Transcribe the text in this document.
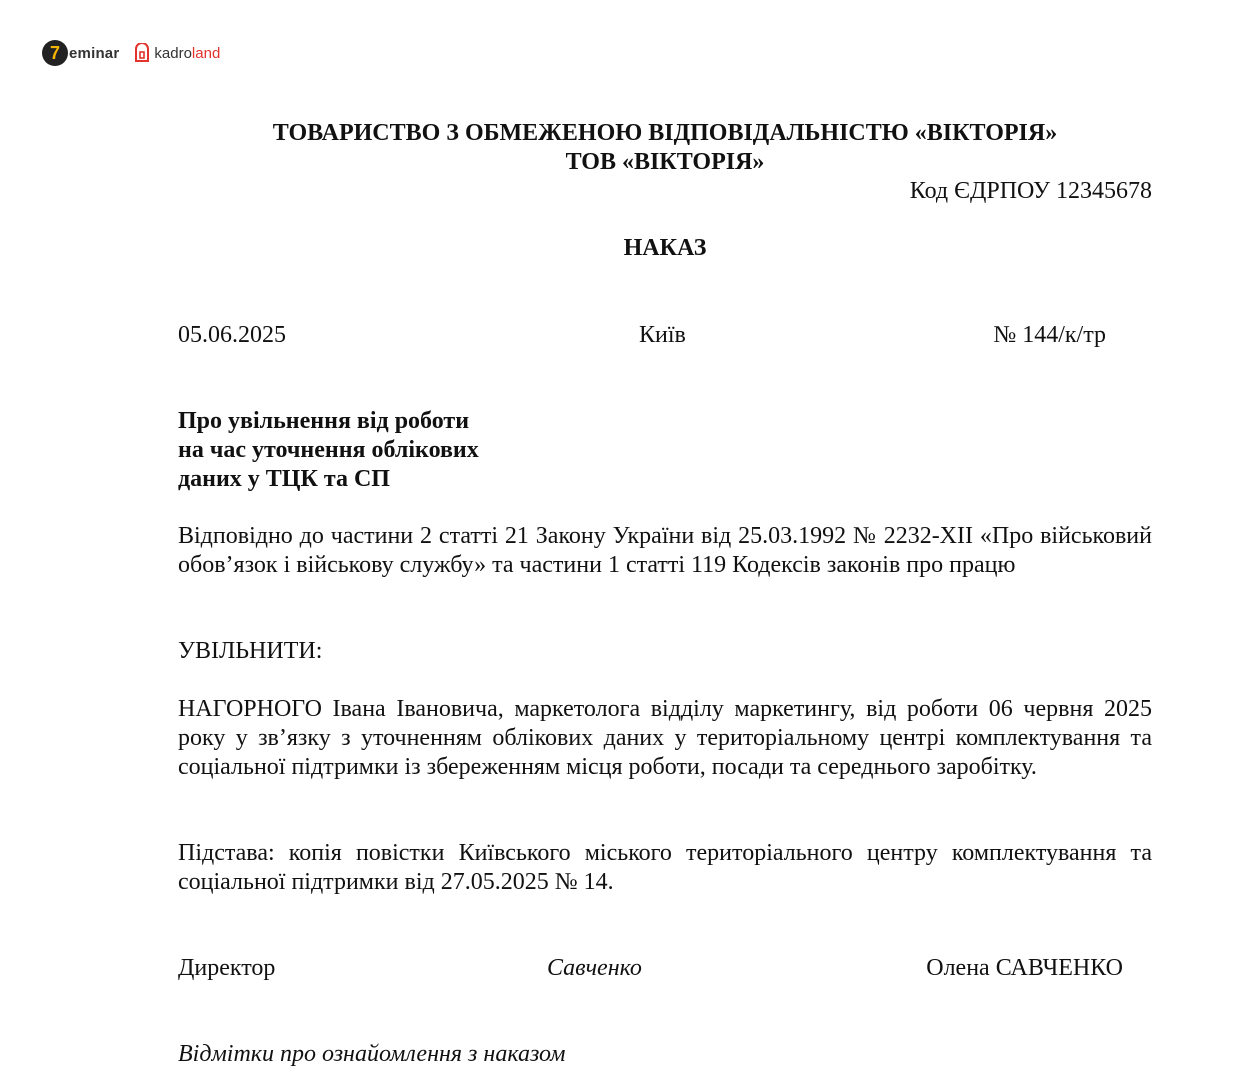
7 eminar kadroland
ТОВАРИСТВО З ОБМЕЖЕНОЮ ВІДПОВІДАЛЬНІСТЮ «ВІКТОРІЯ»
ТОВ «ВІКТОРІЯ»
Код ЄДРПОУ 12345678
НАКАЗ
05.06.2025	Київ	№ 144/к/тр
Про увільнення від роботи
на час уточнення облікових
даних у ТЦК та СП
Відповідно до частини 2 статті 21 Закону України від 25.03.1992 № 2232-ХІІ «Про військовий обов’язок і військову службу» та частини 1 статті 119 Кодексів законів про працю
УВІЛЬНИТИ:
НАГОРНОГО Івана Івановича, маркетолога відділу маркетингу, від роботи 06 червня 2025 року у зв’язку з уточненням облікових даних у територіальному центрі комплектування та соціальної підтримки із збереженням місця роботи, посади та середнього заробітку.
Підстава: копія повістки Київського міського територіального центру комплектування та соціальної підтримки від 27.05.2025 № 14.
Директор	Савченко	Олена САВЧЕНКО
Відмітки про ознайомлення з наказом
